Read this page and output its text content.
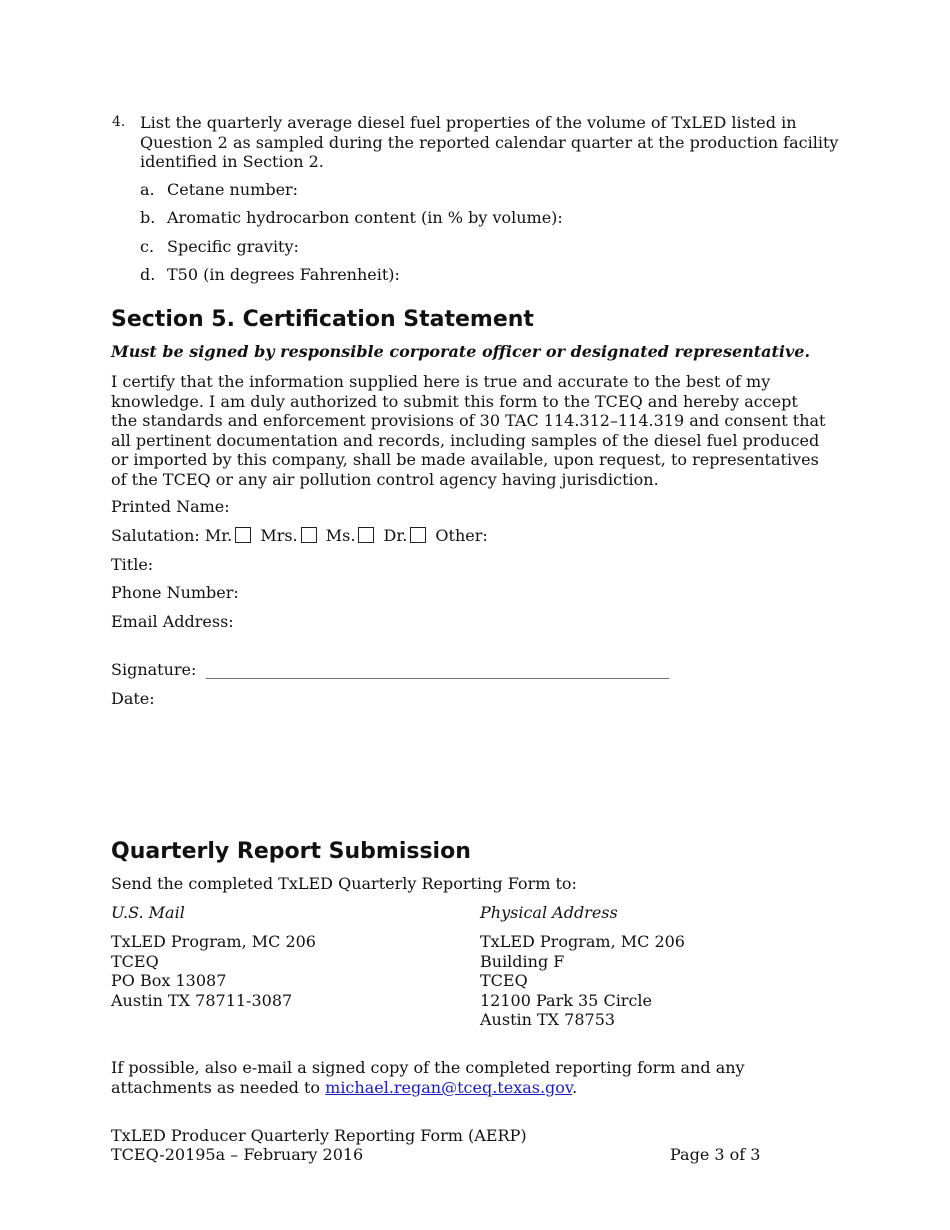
4. List the quarterly average diesel fuel properties of the volume of TxLED listed in Question 2 as sampled during the reported calendar quarter at the production facility identified in Section 2.
a. Cetane number:
b. Aromatic hydrocarbon content (in % by volume):
c. Specific gravity:
d. T50 (in degrees Fahrenheit):
Section 5. Certification Statement
Must be signed by responsible corporate officer or designated representative.
I certify that the information supplied here is true and accurate to the best of my knowledge. I am duly authorized to submit this form to the TCEQ and hereby accept the standards and enforcement provisions of 30 TAC 114.312–114.319 and consent that all pertinent documentation and records, including samples of the diesel fuel produced or imported by this company, shall be made available, upon request, to representatives of the TCEQ or any air pollution control agency having jurisdiction.
Printed Name:
Salutation: Mr. Mrs. Ms. Dr. Other:
Title:
Phone Number:
Email Address:
Signature: ______________________________________________________
Date:
Quarterly Report Submission
Send the completed TxLED Quarterly Reporting Form to:
U.S. Mail
TxLED Program, MC 206
TCEQ
PO Box 13087
Austin TX 78711-3087
Physical Address
TxLED Program, MC 206
Building F
TCEQ
12100 Park 35 Circle
Austin TX 78753
If possible, also e-mail a signed copy of the completed reporting form and any attachments as needed to michael.regan@tceq.texas.gov.
TxLED Producer Quarterly Reporting Form (AERP)
TCEQ-20195a – February 2016	Page 3 of 3
